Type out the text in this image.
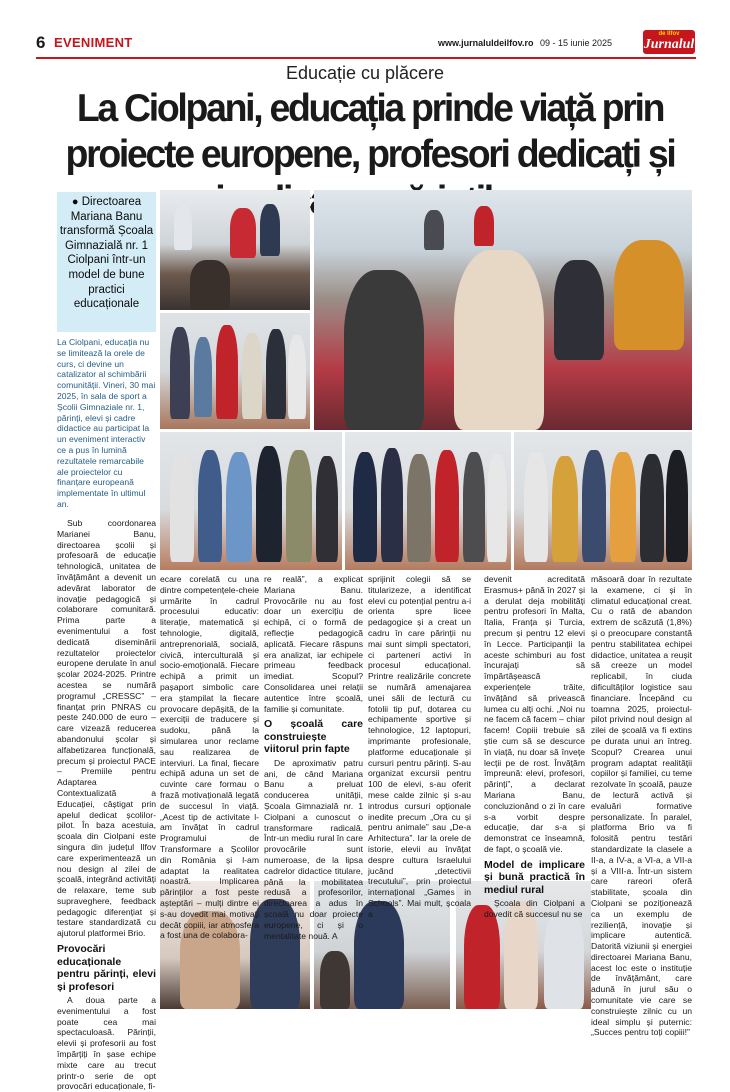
6 EVENIMENT	www.jurnaluldeilfov.ro 09 - 15 iunie 2025
de Ilfov
Jurnalul
Educație cu plăcere
La Ciolpani, educația prinde viață prin proiecte europene, profesori dedicați și
● Directoarea Mariana Banu transformă Școala Gimnazială nr. 1 Ciolpani într-un model de bune practici educaționale
La Ciolpani, educația nu se limitează la orele de curs, ci devine un catalizator al schimbării comunității. Vineri, 30 mai 2025, în sala de sport a Școlii Gimnaziale nr. 1, părinți, elevi și cadre didactice au participat la un eveniment interactiv ce a pus în lumină rezultatele remarcabile ale proiectelor cu finanțare europeană implementate în ultimul an.

Sub coordonarea Marianei Banu, directoarea școlii și profesoară de educație tehnologică, unitatea de învățământ a devenit un adevărat laborator de inovație pedagogică și colaborare comunitară. Prima parte a evenimentului a fost dedicată diseminării rezultatelor proiectelor europene derulate în anul școlar 2024-2025. Printre acestea se numără programul „CRESSC” – finanțat prin PNRAS cu peste 240.000 de euro – care vizează reducerea abandonului școlar și alfabetizarea funcțională, precum și proiectul PACE – Premiile pentru Adaptarea Contextualizată a Educației, câștigat prin apelul dedicat școlilor-pilot. În baza acestuia, școala din Ciolpani este singura din județul Ilfov care experimentează un nou design al zilei de școală, integrând activități de relaxare, teme sub supraveghere, feedback pedagogic diferențiat și testare standardizată cu ajutorul platformei Brio.

Provocări educaționale pentru părinți, elevi și profesori

A doua parte a evenimentului a fost poate cea mai spectaculoasă. Părinții, elevii și profesorii au fost împărțiți în șase echipe mixte care au trecut printr-o serie de opt provocări educaționale, fi-

ecare corelată cu una dintre competențele-cheie urmărite în cadrul procesului educativ: literație, matematică și tehnologie, digitală, antreprenorială, socială, civică, interculturală și socio-emoțională. Fiecare echipă a primit un pașaport simbolic care era ștampilat la fiecare provocare depășită, de la exerciții de traducere și sudoku, până la simularea unor reclame sau realizarea de interviuri. La final, fiecare echipă aduna un set de cuvinte care formau o frază motivațională legată de succesul în viață. „Acest tip de activitate l-am învățat în cadrul Programului de Transformare a Școlilor din România și l-am adaptat la realitatea noastră. Implicarea părinților a fost peste așteptări – mulți dintre ei s-au dovedit mai motivați decât copiii, iar atmosfera a fost una de colabora-

re reală”, a explicat Mariana Banu. Provocările nu au fost doar un exercițiu de echipă, ci o formă de reflecție pedagogică aplicată. Fiecare răspuns era analizat, iar echipele primeau feedback imediat. Scopul? Consolidarea unei relații autentice între școală, familie și comunitate.

O școală care construiește viitorul prin fapte

De aproximativ patru ani, de când Mariana Banu a preluat conducerea unității, Școala Gimnazială nr. 1 Ciolpani a cunoscut o transformare radicală. Într-un mediu rural în care provocările sunt numeroase, de la lipsa cadrelor didactice titulare, până la mobilitatea redusă a profesorilor, directoarea a adus în școală nu doar proiecte europene, ci și o mentalitate nouă. A

sprijinit colegii să se titularizeze, a identificat elevi cu potențial pentru a-i orienta spre licee pedagogice și a creat un cadru în care părinții nu mai sunt simpli spectatori, ci parteneri activi în procesul educațional. Printre realizările concrete se numără amenajarea unei săli de lectură cu fotolii tip puf, dotarea cu echipamente sportive și tehnologice, 12 laptopuri, imprimante profesionale, platforme educaționale și cursuri pentru părinți. S-au organizat excursii pentru 100 de elevi, s-au oferit mese calde zilnic și s-au introdus cursuri opționale inedite precum „Ora cu și pentru animale” sau „De-a Arhitectura”. Iar la orele de istorie, elevii au învățat despre cultura Israelului jucând „detectivii trecutului”, prin proiectul internațional „Games in Schools”. Mai mult, școala a

devenit acreditată Erasmus+ până în 2027 și a derulat deja mobilități pentru profesori în Malta, Italia, Franța și Turcia, precum și pentru 12 elevi în Lecce. Participanții la aceste schimburi au fost încurajați să împărtășească experiențele trăite, învățând să privească lumea cu alți ochi. „Noi nu ne facem că facem – chiar facem! Copiii trebuie să știe cum să se descurce în viață, nu doar să învețe lecții pe de rost. Învățăm împreună: elevi, profesori, părinți”, a declarat Mariana Banu, concluzionând o zi în care s-a vorbit despre educație, dar s-a și demonstrat ce înseamnă, de fapt, o școală vie.

Model de implicare și bună practică în mediul rural

Școala din Ciolpani a dovedit că succesul nu se

măsoară doar în rezultate la examene, ci și în climatul educațional creat. Cu o rată de abandon extrem de scăzută (1,8%) și o preocupare constantă pentru stabilitatea echipei didactice, unitatea a reușit să creeze un model replicabil, în ciuda dificultăților logistice sau financiare. Începând cu toamna 2025, proiectul-pilot privind noul design al zilei de școală va fi extins pe durata unui an întreg. Scopul? Crearea unui program adaptat realității copiilor și familiei, cu teme rezolvate în școală, pauze de lectură activă și evaluări formative personalizate. În paralel, platforma Brio va fi folosită pentru testări standardizate la clasele a II-a, a IV-a, a VI-a, a VII-a și a VIII-a. Într-un sistem care rareori oferă stabilitate, școala din Ciolpani se poziționează ca un exemplu de reziliență, inovație și implicare autentică. Datorită viziunii și energiei directoarei Mariana Banu, acest loc este o instituție de învățământ, care adună în jurul său o comunitate vie care se construiește zilnic cu un ideal simplu și puternic: „Succes pentru toți copiii!”
